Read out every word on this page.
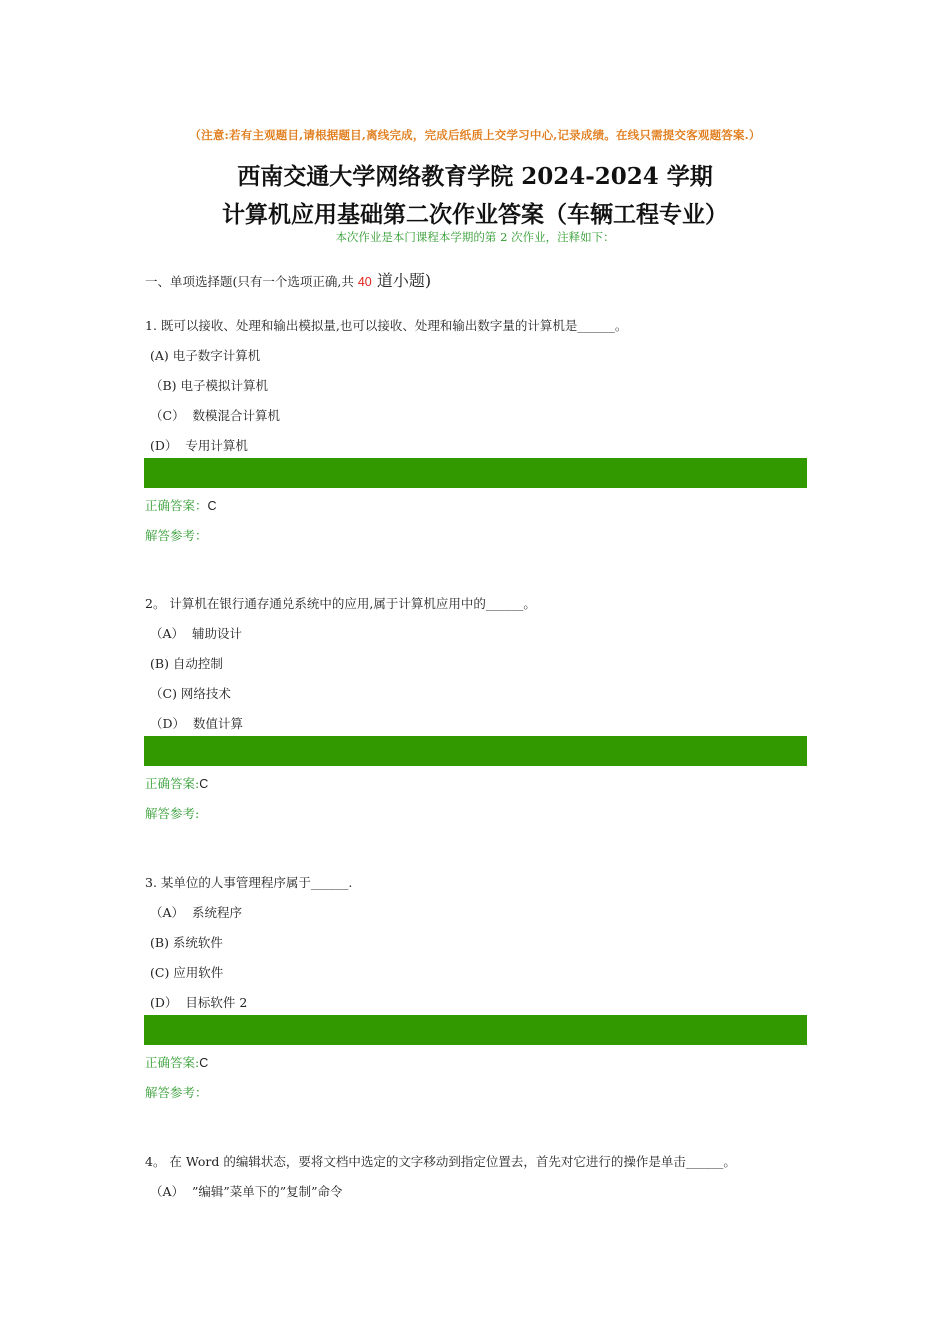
（注意:若有主观题目,请根据题目,离线完成，完成后纸质上交学习中心,记录成绩。在线只需提交客观题答案.）
西南交通大学网络教育学院 2024-2024 学期
计算机应用基础第二次作业答案（车辆工程专业）
本次作业是本门课程本学期的第 2 次作业，注释如下：
一、单项选择题(只有一个选项正确,共 40 道小题)
1. 既可以接收、处理和输出模拟量,也可以接收、处理和输出数字量的计算机是______。
(A) 电子数字计算机
（B) 电子模拟计算机
（C）  数模混合计算机
(D）  专用计算机
正确答案：C
解答参考：
2。 计算机在银行通存通兑系统中的应用,属于计算机应用中的______。
（A）  辅助设计
(B) 自动控制
（C) 网络技术
（D）  数值计算
正确答案:C
解答参考:
3. 某单位的人事管理程序属于______.
（A）  系统程序
(B) 系统软件
(C) 应用软件
(D）  目标软件 2
正确答案:C
解答参考：
4。 在 Word 的编辑状态，要将文档中选定的文字移动到指定位置去，首先对它进行的操作是单击______。
（A）  ”编辑”菜单下的”复制”命令
